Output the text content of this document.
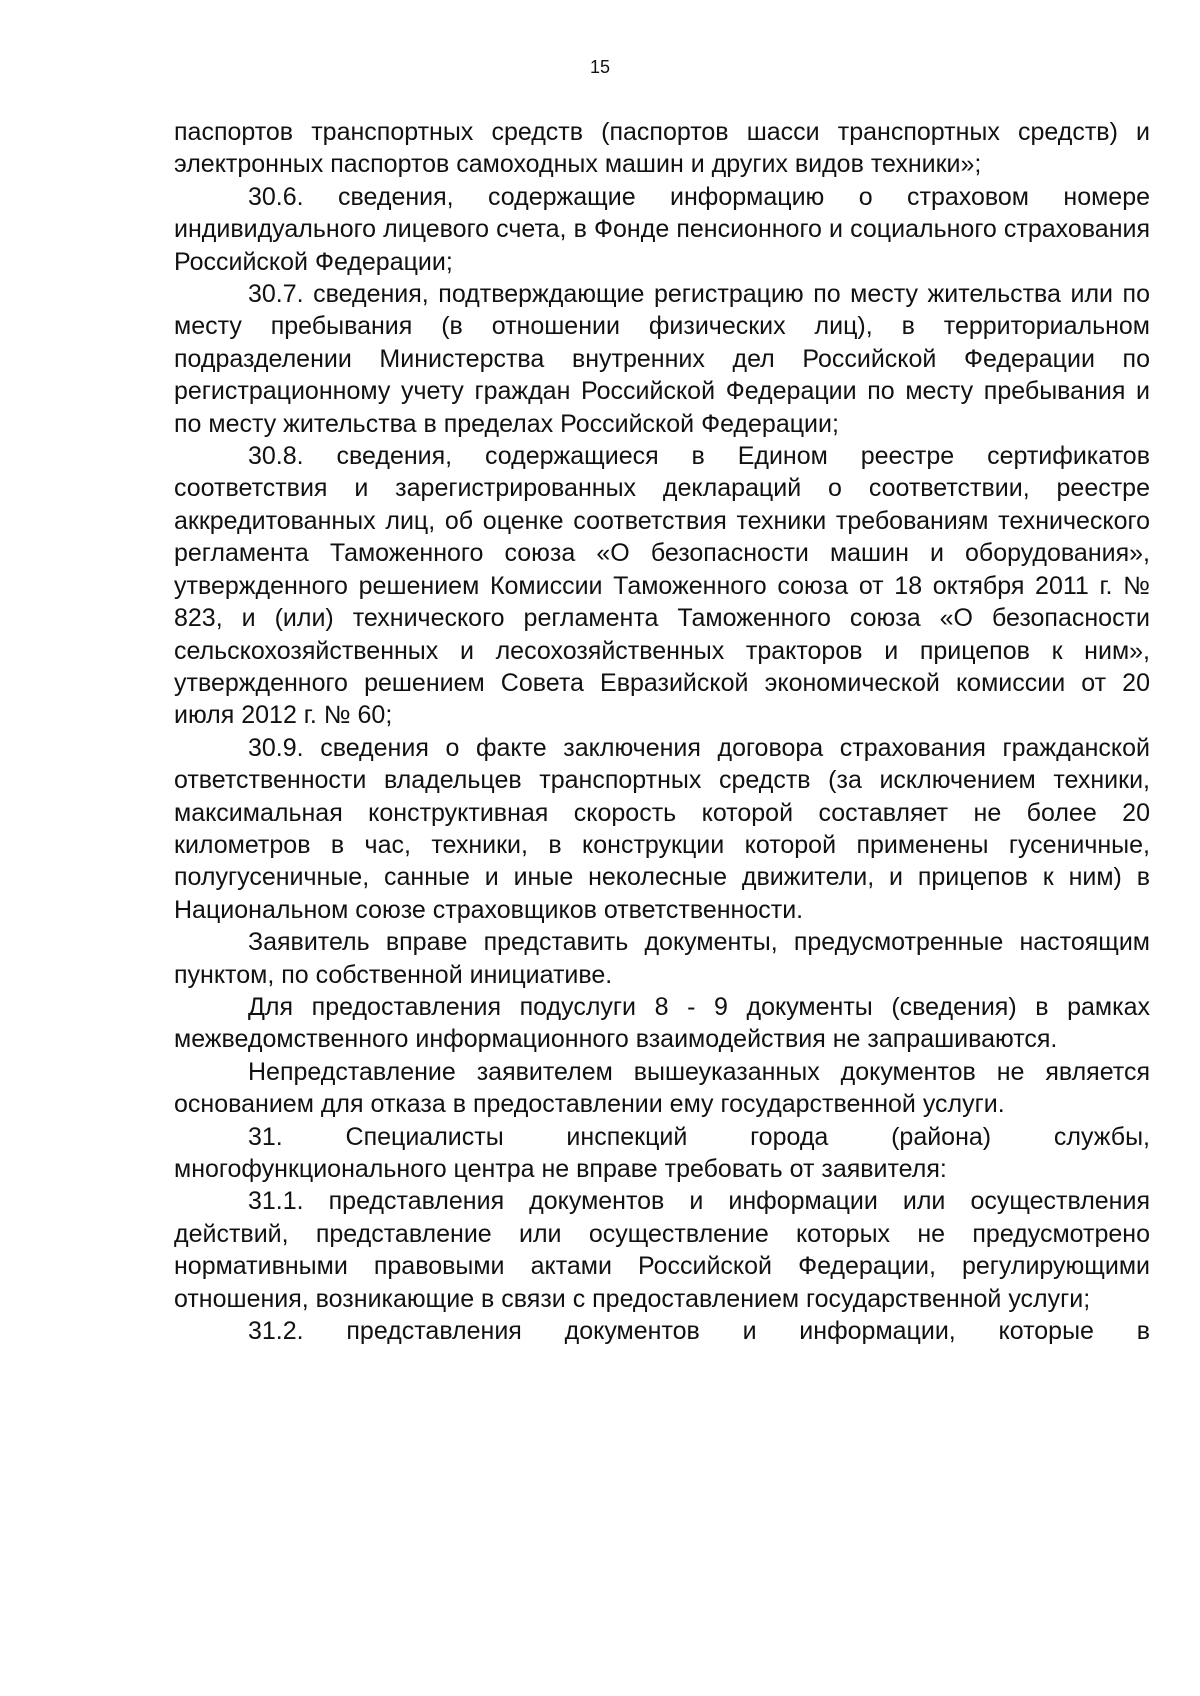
15

паспортов транспортных средств (паспортов шасси транспортных средств) и электронных паспортов самоходных машин и других видов техники»;

30.6. сведения, содержащие информацию о страховом номере индивидуального лицевого счета, в Фонде пенсионного и социального страхования Российской Федерации;

30.7. сведения, подтверждающие регистрацию по месту жительства или по месту пребывания (в отношении физических лиц), в территориальном подразделении Министерства внутренних дел Российской Федерации по регистрационному учету граждан Российской Федерации по месту пребывания и по месту жительства в пределах Российской Федерации;

30.8. сведения, содержащиеся в Едином реестре сертификатов соответствия и зарегистрированных деклараций о соответствии, реестре аккредитованных лиц, об оценке соответствия техники требованиям технического регламента Таможенного союза «О безопасности машин и оборудования», утвержденного решением Комиссии Таможенного союза от 18 октября 2011 г. № 823, и (или) технического регламента Таможенного союза «О безопасности сельскохозяйственных и лесохозяйственных тракторов и прицепов к ним», утвержденного решением Совета Евразийской экономической комиссии от 20 июля 2012 г. № 60;

30.9. сведения о факте заключения договора страхования гражданской ответственности владельцев транспортных средств (за исключением техники, максимальная конструктивная скорость которой составляет не более 20 километров в час, техники, в конструкции которой применены гусеничные, полугусеничные, санные и иные неколесные движители, и прицепов к ним) в Национальном союзе страховщиков ответственности.

Заявитель вправе представить документы, предусмотренные настоящим пунктом, по собственной инициативе.

Для предоставления подуслуги 8 - 9 документы (сведения) в рамках межведомственного информационного взаимодействия не запрашиваются.

Непредставление заявителем вышеуказанных документов не является основанием для отказа в предоставлении ему государственной услуги.

31. Специалисты инспекций города (района) службы, многофункционального центра не вправе требовать от заявителя:

31.1. представления документов и информации или осуществления действий, представление или осуществление которых не предусмотрено нормативными правовыми актами Российской Федерации, регулирующими отношения, возникающие в связи с предоставлением государственной услуги;

31.2. представления документов и информации, которые в
